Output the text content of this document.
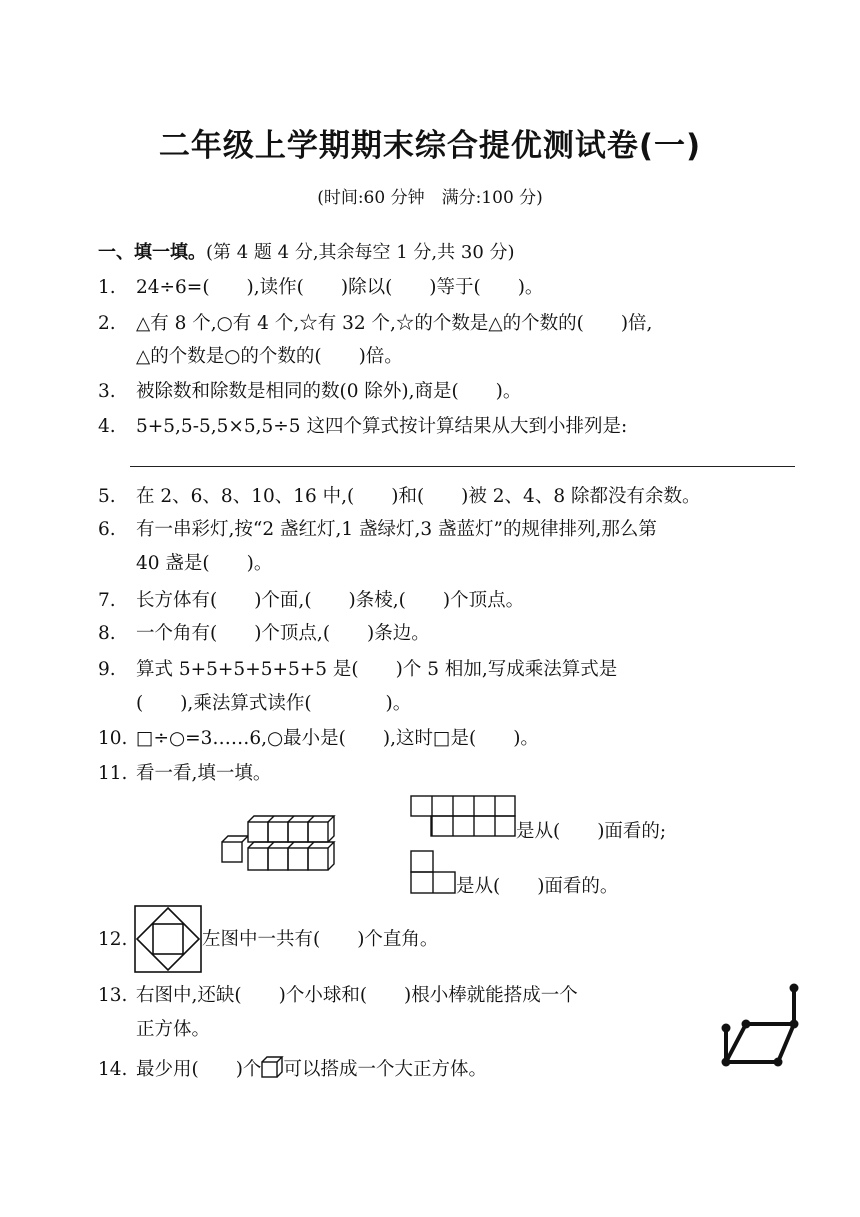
二年级上学期期末综合提优测试卷(一)
(时间:60 分钟　满分:100 分)
一、填一填。(第 4 题 4 分,其余每空 1 分,共 30 分)
1. 24÷6=(　　),读作(　　)除以(　　)等于(　　)。
2. △有 8 个,○有 4 个,☆有 32 个,☆的个数是△的个数的(　　)倍,
△的个数是○的个数的(　　)倍。
3. 被除数和除数是相同的数(0 除外),商是(　　)。
4. 5+5,5-5,5×5,5÷5 这四个算式按计算结果从大到小排列是:
5. 在 2、6、8、10、16 中,(　　)和(　　)被 2、4、8 除都没有余数。
6. 有一串彩灯,按“2 盏红灯,1 盏绿灯,3 盏蓝灯”的规律排列,那么第
40 盏是(　　)。
7. 长方体有(　　)个面,(　　)条棱,(　　)个顶点。
8. 一个角有(　　)个顶点,(　　)条边。
9. 算式 5+5+5+5+5+5 是(　　)个 5 相加,写成乘法算式是
(　　),乘法算式读作(　　　　)。
10. □÷○=3……6,○最小是(　　),这时□是(　　)。
11. 看一看,填一填。
是从(　　)面看的;
是从(　　)面看的。
12.	左图中一共有(　　)个直角。
13. 右图中,还缺(　　)个小球和(　　)根小棒就能搭成一个
正方体。
14. 最少用(　　)个 可以搭成一个大正方体。
